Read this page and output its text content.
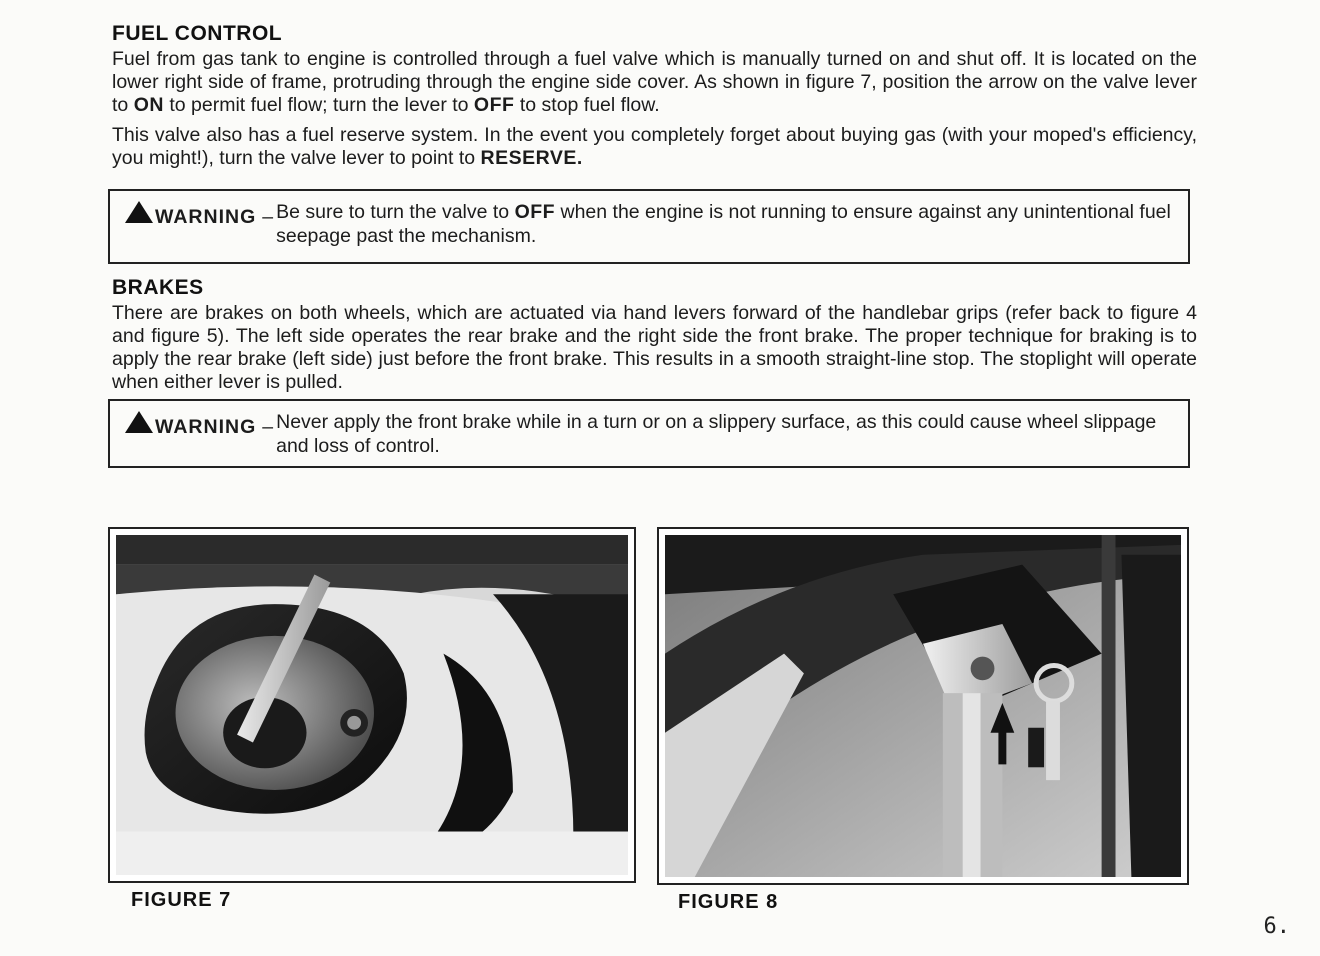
FUEL CONTROL
Fuel from gas tank to engine is controlled through a fuel valve which is manually turned on and shut off. It is located on the lower right side of frame, protruding through the engine side cover. As shown in figure 7, position the arrow on the valve lever to ON to permit fuel flow; turn the lever to OFF to stop fuel flow.
This valve also has a fuel reserve system. In the event you completely forget about buying gas (with your moped's efficiency, you might!), turn the valve lever to point to RESERVE.
WARNING – Be sure to turn the valve to OFF when the engine is not running to ensure against any unintentional fuel seepage past the mechanism.
BRAKES
There are brakes on both wheels, which are actuated via hand levers forward of the handlebar grips (refer back to figure 4 and figure 5). The left side operates the rear brake and the right side the front brake. The proper technique for braking is to apply the rear brake (left side) just before the front brake. This results in a smooth straight-line stop. The stoplight will operate when either lever is pulled.
WARNING – Never apply the front brake while in a turn or on a slippery surface, as this could cause wheel slippage and loss of control.
FIGURE 7	FIGURE 8
6.
